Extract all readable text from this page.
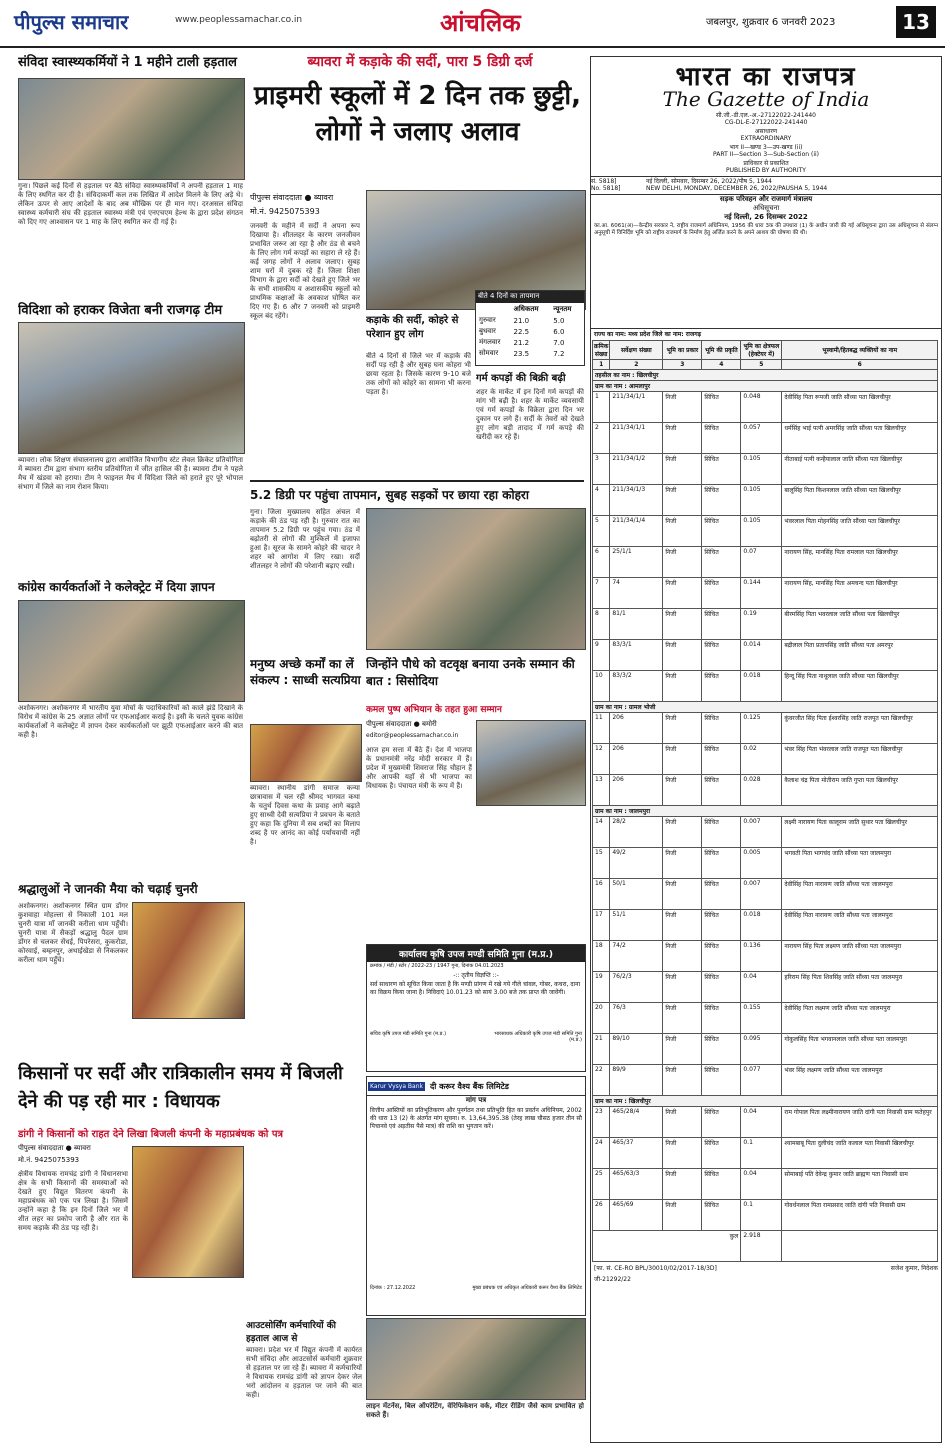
पीपुल्स समाचार	www.peoplessamachar.co.in	आंचलिक	जबलपुर, शुक्रवार 6 जनवरी 2023	13
संविदा स्वास्थ्यकर्मियों ने 1 महीने टाली हड़ताल
गुना। पिछले कई दिनों से हड़ताल पर बैठे संविदा स्वास्थ्यकर्मियों ने अपनी हड़ताल 1 माह के लिए स्थगित कर दी है। संविदाकर्मी कल तक लिखित में आदेश मिलने के लिए अड़े थे। लेकिन ऊपर से आए आदेशों के बाद अब मौखिक पर ही मान गए। दरअसल संविदा स्वास्थ्य कर्मचारी संघ की हड़ताल स्वास्थ्य मंत्री एवं एनएचएम हेल्थ के द्वारा प्रदेश संगठन को दिए गए आश्वासन पर 1 माह के लिए स्थगित कर दी गई है।
विदिशा को हराकर विजेता बनी राजगढ़ टीम
ब्यावरा। लोक शिक्षण संचालनालय द्वारा आयोजित विभागीय स्टेट लेवल क्रिकेट प्रतियोगिता में ब्यावरा टीम द्वारा संभाग स्तरीय प्रतियोगिता में जीत हासिल की है। ब्यावरा टीम ने पहले मैच में खंडवा को हराया। टीम ने फाइनल मैच में विदिशा जिले को हराते हुए पूरे भोपाल संभाग में जिले का नाम रोशन किया।
कांग्रेस कार्यकर्ताओं ने कलेक्ट्रेट में दिया ज्ञापन
अशोकनगर। अशोकनगर में भारतीय युवा मोर्चा के पदाधिकारियों को काले झंडे दिखाने के विरोध में कांग्रेस के 25 अज्ञात लोगों पर एफआईआर कराई है। इसी के चलते युवक कांग्रेस कार्यकर्ताओं ने कलेक्ट्रेट में ज्ञापन देकर कार्यकर्ताओं पर झूठी एफआईआर करने की बात कही है।
श्रद्धालुओं ने जानकी मैया को चढ़ाई चुनरी
अशोकनगर। अशोकनगर स्थित ग्राम डोंगर कुशवाहा मोहल्ला से निकाली 101 मल चुनरी यात्रा माँ जानकी करीला धाम पहुँची। चुनरी यात्रा में सैकड़ों श्रद्धालु पैदल ग्राम डोंगर से चलकर सेंधई, पिपरेसरा, कुकरोडा, कोरवाई, बम्हनपुर, अथाईखेडा से निकलकर करीला धाम पहुँचे।
ब्यावरा में कड़ाके की सर्दी, पारा 5 डिग्री दर्ज
प्राइमरी स्कूलों में 2 दिन तक छुट्टी, लोगों ने जलाए अलाव
पीपुल्स संवाददाता ● ब्यावरा
मो.नं. 9425075393
जनवरी के महीने में सर्दी ने अपना रूप दिखाया है। शीतलहर के कारण जनजीवन प्रभावित जरूर आ रहा है और ठंड से बचने के लिए लोग गर्म कपड़ों का सहारा ले रहे हैं। कई जगह लोगों ने अलाव जलाए। सुबह शाम घरों में दुबक रहे हैं। जिला शिक्षा विभाग के द्वारा सर्दी को देखते हुए जिले भर के सभी शासकीय व अशासकीय स्कूलों को प्राथमिक कक्षाओं के अवकाश घोषित कर दिए गए हैं। 6 और 7 जनवरी को प्राइमरी स्कूल बंद रहेंगे।
बीते 4 दिनों का तापमान
	अधिकतम	न्यूनतम
गुरुवार	21.0	5.0
बुधवार	22.5	6.0
मंगलवार	21.2	7.0
सोमवार	23.5	7.2
कड़ाके की सर्दी, कोहरे से परेशान हुए लोग
बीते 4 दिनों से जिले भर में कड़ाके की सर्दी पड़ रही है और सुबह घना कोहरा भी छाया रहता है। जिसके कारण 9-10 बजे तक लोगों को कोहरे का सामना भी करना पड़ता है।
गर्म कपड़ों की बिक्री बढ़ी
शहर के मार्केट में इन दिनों गर्म कपड़ों की मांग भी बढ़ी है। शहर के मार्केट व्यवसायी एवं गर्म कपड़ों के विक्रेता द्वारा दिन भर दुकान पर लगे हैं। सर्दी के तेवरों को देखते हुए लोग बड़ी तादाद में गर्म कपड़े की खरीदी कर रहे हैं।
5.2 डिग्री पर पहुंचा तापमान, सुबह सड़कों पर छाया रहा कोहरा
गुना। जिला मुख्यालय सहित अंचल में कड़ाके की ठंड पड़ रही है। गुरुवार रात का तापमान 5.2 डिग्री पर पहुंच गया। ठंड में बढ़ोतरी से लोगों की मुश्किलें में इजाफा हुआ है। सूरज के सामने कोहरे की चादर ने शहर को आगोश में लिए रखा। सर्दी शीतलहर ने लोगों की परेशानी बढ़ाए रखी।
मनुष्य अच्छे कर्मों का लें संकल्प : साध्वी सत्यप्रिया
ब्यावरा। स्थानीय डांगी समाज कन्या छात्रावास में चल रही श्रीमद भागवत कथा के चतुर्थ दिवस कथा के प्रवाह आगे बढ़ाते हुए साध्वी देवी सत्यप्रिया ने प्रवचन के बताते हुए कहा कि दुनिया में सब शब्दों का मिलाप शब्द है पर आनंद का कोई पर्यायवाची नहीं है।
जिन्होंने पौधे को वटवृक्ष बनाया उनके सम्मान की बात : सिसोदिया
कमल पुष्प अभियान के तहत हुआ सम्मान
पीपुल्स संवाददाता ● बमोरी
editor@peoplessamachar.co.in
आज हम सत्ता में बैठे हैं। देश में भाजपा के प्रधानमंत्री नरेंद्र मोदी सरकार में हैं। प्रदेश में मुख्यमंत्री शिवराज सिंह चौहान हैं और आपकी यहाँ से भी भाजपा का विधायक है। पंचायत मंत्री के रूप में हैं।
कार्यालय कृषि उपज मण्डी समिति गुना (म.प्र.)
क्रमांक / मंडी / स्टोर / 2022-23 / 1947 गुना, दिनांक 04.01.2023
-:: तृतीय विज्ञप्ति ::-
सर्व साधारण को सूचित किया जाता है कि मण्डी प्रांगण में रखे गये गीले चांवल, गोबर, कचरा, दाना का विक्रय किया जाना है। निविदाएं 10.01.23 को सायं 3.00 बजे तक प्राप्त की जावेंगी।
सचिव कृषि उपज मंडी समिति गुना (म.प्र.)	भारसाधक अधिकारी कृषि उपज मंडी समिति गुना (म.प्र.)
किसानों पर सर्दी और रात्रिकालीन समय में बिजली देने की पड़ रही मार : विधायक
डांगी ने किसानों को राहत देने लिखा बिजली कंपनी के महाप्रबंधक को पत्र
पीपुल्स संवाददाता ● ब्यावरा
मो.नं. 9425075393
क्षेत्रीय विधायक रामचंद्र डांगी ने विधानसभा क्षेत्र के सभी किसानों की समस्याओं को देखते हुए विद्युत वितरण कंपनी के महाप्रबंधक को एक पत्र लिखा है। जिसमें उन्होंने कहा है कि इन दिनों जिले भर में शीत लहर का प्रकोप जारी है और रात के समय कड़ाके की ठंड पड़ रही है।
आउटसोर्सिंग कर्मचारियों की हड़ताल आज से
ब्यावरा। प्रदेश भर में विद्युत कंपनी में कार्यरत सभी संविदा और आउटसोर्स कर्मचारी शुक्रवार से हड़ताल पर जा रहे हैं। ब्यावरा में कर्मचारियों ने विधायक रामचंद्र डांगी को ज्ञापन देकर जेल भरो आंदोलन व हड़ताल पर जाने की बात कही।
लाइन मेंटनेंस, बिल ऑपरेटिंग, वेरिफिकेशन वर्क, मीटर रीडिंग जैसे काम प्रभावित हो सकते हैं।
Karur Vysya Bank दी करूर वैश्य बैंक लिमिटेड
मांग पत्र
वित्तीय आस्तियों का प्रतिभूतिकरण और पुनर्गठन तथा प्रतिभूति हित का प्रवर्तन अधिनियम, 2002 की धारा 13 (2) के अंतर्गत मांग सूचना। रु. 13,64,395.38 (तेरह लाख चौसठ हजार तीन सौ पिचानवे एवं अड़तीस पैसे मात्र) की राशि का भुगतान करें।
दिनांक : 27.12.2022	मुख्य प्रबंधक एवं अधिकृत अधिकारी करूर वैश्य बैंक लिमिटेड
भारत का राजपत्र
The Gazette of India
सी.जी.-डी.एल.-अ.-27122022-241440
CG-DL-E-27122022-241440
असाधारण
EXTRAORDINARY
भाग II—खण्ड 3—उप-खण्ड (ii)
PART II—Section 3—Sub-Section (ii)
प्राधिकार से प्रकाशित
PUBLISHED BY AUTHORITY
सं. 5818]	नई दिल्ली, सोमवार, दिसम्बर 26, 2022/पौष 5, 1944
No. 5818]	NEW DELHI, MONDAY, DECEMBER 26, 2022/PAUSHA 5, 1944
सड़क परिवहन और राजमार्ग मंत्रालय
अधिसूचना
नई दिल्ली, 26 दिसम्बर 2022
का.आ. 6061(अ)—केन्द्रीय सरकार ने, राष्ट्रीय राजमार्ग अधिनियम, 1956 की धारा 3क की उपधारा (1) के अधीन जारी की गई अधिसूचना द्वारा उस अधिसूचना से संलग्न अनुसूची में विनिर्दिष्ट भूमि को राष्ट्रीय राजमार्ग के निर्माण हेतु अर्जित करने के अपने आशय की घोषणा की थी।
राज्य का नाम: मध्य प्रदेश जिले का नाम: राजगढ़
क्रमिक संख्या	सर्वेक्षण संख्या	भूमि का प्रकार	भूमि की प्रकृति	भूमि का क्षेत्रफल (हेक्टेयर में)	भूस्वामी/हितबद्ध व्यक्तियों का नाम
1	2	3	4	5	6
तहसील का नाम : खिलचीपुर					
ग्राम का नाम : आमलापुर					
1	211/34/1/1	निजी	सिंचित	0.048	देवीसिंह पिता रूपजी जाति सौंध्या पता खिलचीपुर
2	211/34/1/1	निजी	सिंचित	0.057	धर्मसिंह भाई पत्नी अमरसिंह जाति सौंध्या पता खिलचीपुर
3	211/34/1/2	निजी	सिंचित	0.105	नीताबाई पत्नी कन्हैयालाल जाति सौंध्या पता खिलचीपुर
4	211/34/1/3	निजी	सिंचित	0.105	बालूसिंह पिता किशनलाल जाति सौंध्या पता खिलचीपुर
5	211/34/1/4	निजी	सिंचित	0.105	भंवरलाल पिता मोहनसिंह जाति सौंध्या पता खिलचीपुर
6	25/1/1	निजी	सिंचित	0.07	नारायण सिंह, मानसिंह पिता रामलाल पता खिलचीपुर
7	74	निजी	सिंचित	0.144	नारायण सिंह, मानसिंह पिता अमचन्द पता खिलचीपुर
8	81/1	निजी	सिंचित	0.19	बीरमसिंह पिता भवरलाल जाति सौंध्या पता खिलचीपुर
9	83/3/1	निजी	सिंचित	0.014	बद्रीलाल पिता प्रतापसिंह जाति सौंध्या पता अमरपुर
10	83/3/2	निजी	सिंचित	0.018	हिन्दू सिंह पिता नाथूलाल जाति सौंध्या पता खिलचीपुर
ग्राम का नाम : ग्रामल भोजी					
11	206	निजी	सिंचित	0.125	कुंवरजीत सिंह पिता ईश्वरसिंह जाति राजपूत पता खिलचीपुर
12	206	निजी	सिंचित	0.02	भंवर सिंह पिता भंवरलाल जाति राजपूत पता खिलचीपुर
13	206	निजी	सिंचित	0.028	कैलाश चंद्र पिता मोतीराम जाति गुप्ता पता खिलचीपुर
ग्राम का नाम : जालमपुरा					
14	28/2	निजी	सिंचित	0.007	लक्ष्मी नारायण पिता कालूराम जाति सुथार पता खिलचीपुर
15	49/2	निजी	सिंचित	0.005	भगवती पिता भागचंद जाति सौंध्या पता जालमपुरा
16	50/1	निजी	सिंचित	0.007	देवीसिंह पिता नारायण जाति सौंध्या पता जालमपुरा
17	51/1	निजी	सिंचित	0.018	देवीसिंह पिता नारायण जाति सौंध्या पता जालमपुरा
18	74/2	निजी	सिंचित	0.136	नारायण सिंह पिता लक्ष्मण जाति सौंध्या पता जालमपुरा
19	76/2/3	निजी	सिंचित	0.04	हरिराम सिंह पिता शिवसिंह जाति सौंध्या पता जालमपुरा
20	76/3	निजी	सिंचित	0.155	देवीसिंह पिता लक्ष्मण जाति सौंध्या पता जालमपुरा
21	89/10	निजी	सिंचित	0.095	गोकुलसिंह पिता भगवानलाल जाति सौंध्या पता जालमपुरा
22	89/9	निजी	सिंचित	0.077	भंवर सिंह लक्ष्मण जाति सौंध्या पता जालमपुरा
ग्राम का नाम : खिलचीपुर					
23	465/28/4	निजी	सिंचित	0.04	राम गोपाल पिता लक्ष्मीनारायण जाति दांगी पता निवासी ग्राम फतेहपुर
24	465/37	निजी	सिंचित	0.1	श्यामबाबू पिता दुलीचंद जाति कलाल पता निवासी खिलचीपुर
25	465/63/3	निजी	सिंचित	0.04	सोमाबाई पति देवेन्द्र कुमार जाति ब्राह्मण पता निवासी ग्राम
26	465/69	निजी	सिंचित	0.1	गोवर्धनलाल पिता रामप्रसाद जाति दांगी पति निवासी ग्राम
कुल				2.918	
[फा. सं. CE-RO BPL/30010/02/2017-18/3D]	सजेश कुमार, निदेशक
जी-21292/22
